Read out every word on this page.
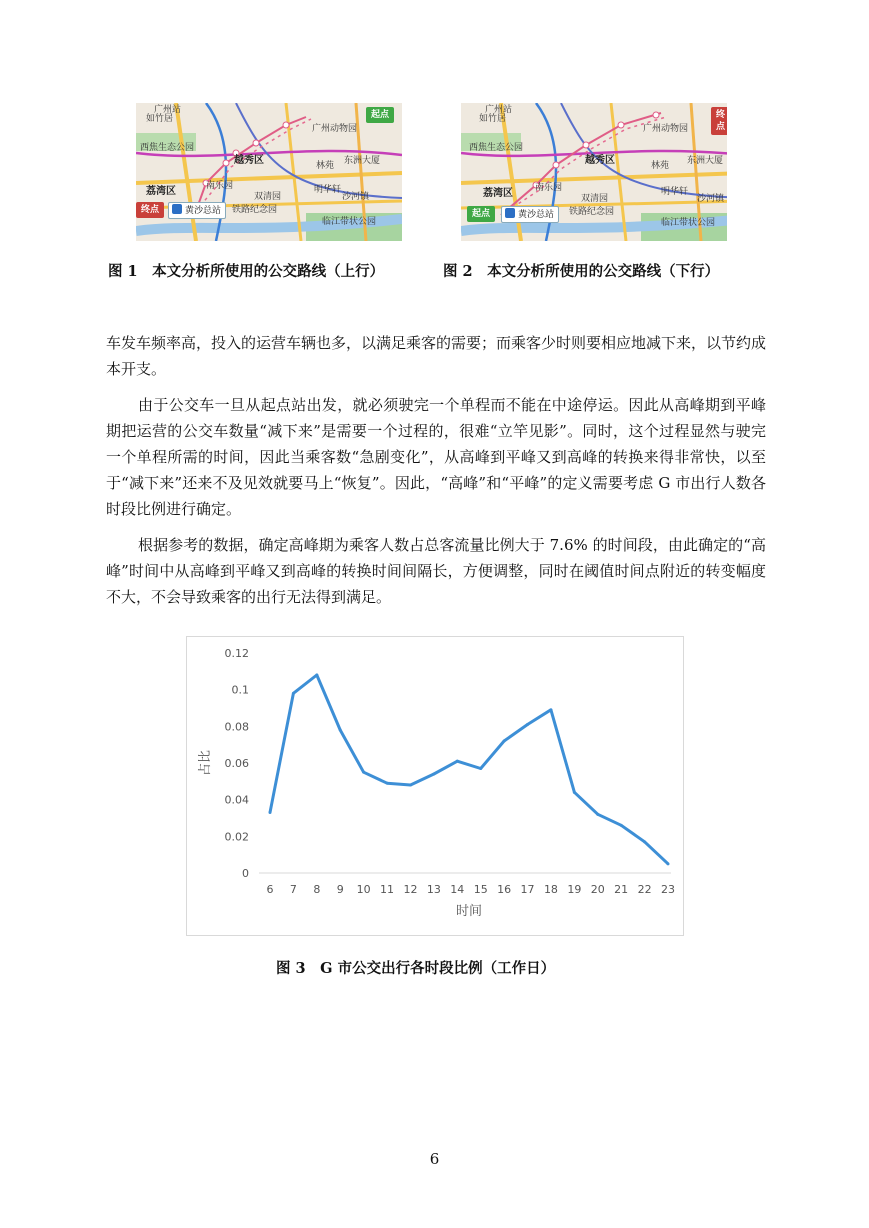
广州站
如竹居
西焦生态公园
越秀区
广州动物园
林苑 东洲大厦
荔湾区	南乐园
双清园
明华轩
沙河镇
铁路纪念园
临江带状公园
起点
终点	黄沙总站
广州站
如竹居
西焦生态公园
越秀区
广州动物园
林苑 东洲大厦
荔湾区 南乐园
双清园
明华轩
沙河镇
铁路纪念园
临江带状公园
终点
起点	黄沙总站
图 1　本文分析所使用的公交路线（上行）	图 2　本文分析所使用的公交路线（下行）

车发车频率高，投入的运营车辆也多，以满足乘客的需要；而乘客少时则要相应地减下来，以节约成本开支。

由于公交车一旦从起点站出发，就必须驶完一个单程而不能在中途停运。因此从高峰期到平峰期把运营的公交车数量“减下来”是需要一个过程的，很难“立竿见影”。同时，这个过程显然与驶完一个单程所需的时间，因此当乘客数“急剧变化”，从高峰到平峰又到高峰的转换来得非常快，以至于“减下来”还来不及见效就要马上“恢复”。因此，“高峰”和“平峰”的定义需要考虑 G 市出行人数各时段比例进行确定。

根据参考的数据，确定高峰期为乘客人数占总客流量比例大于 7.6% 的时间段，由此确定的“高峰”时间中从高峰到平峰又到高峰的转换时间间隔长，方便调整，同时在阈值时间点附近的转变幅度不大，不会导致乘客的出行无法得到满足。

0
0.02
0.04
0.06
0.08
0.1
0.12
6 7 8 9 10 11 12 13 14 15 16 17 18 19 20 21 22 23
时间
占比
图 3　G 市公交出行各时段比例（工作日）
6
